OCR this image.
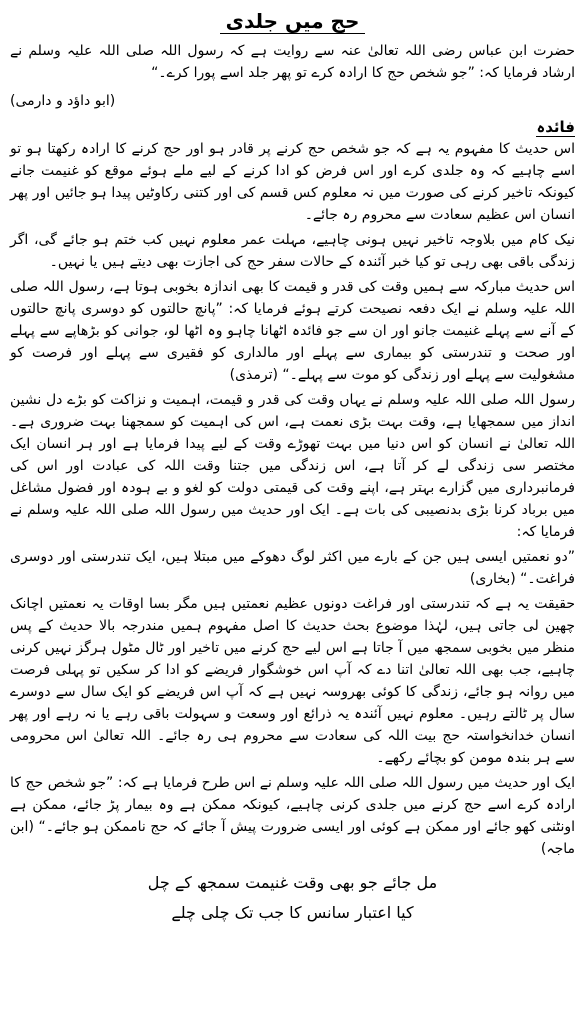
حج میں جلدی

حضرت ابن عباس رضی اللہ تعالیٰ عنہ سے روایت ہے کہ رسول اللہ صلی اللہ علیہ وسلم نے ارشاد فرمایا کہ: ”جو شخص حج کا ارادہ کرے تو پھر جلد اسے پورا کرے۔“

(ابو داؤد و دارمی)
فائدہ

اس حدیث کا مفہوم یہ ہے کہ جو شخص حج کرنے پر قادر ہو اور حج کرنے کا ارادہ رکھتا ہو تو اسے چاہیے کہ وہ جلدی کرے اور اس فرض کو ادا کرنے کے لیے ملے ہوئے موقع کو غنیمت جانے کیونکہ تاخیر کرنے کی صورت میں نہ معلوم کس قسم کی اور کتنی رکاوٹیں پیدا ہو جائیں اور پھر انسان اس عظیم سعادت سے محروم رہ جائے۔

نیک کام میں بلاوجہ تاخیر نہیں ہونی چاہیے، مہلت عمر معلوم نہیں کب ختم ہو جائے گی، اگر زندگی باقی بھی رہی تو کیا خبر آئندہ کے حالات سفر حج کی اجازت بھی دیتے ہیں یا نہیں۔

اس حدیث مبارکہ سے ہمیں وقت کی قدر و قیمت کا بھی اندازہ بخوبی ہوتا ہے، رسول اللہ صلی اللہ علیہ وسلم نے ایک دفعہ نصیحت کرتے ہوئے فرمایا کہ: ”پانچ حالتوں کو دوسری پانچ حالتوں کے آنے سے پہلے غنیمت جانو اور ان سے جو فائدہ اٹھانا چاہو وہ اٹھا لو، جوانی کو بڑھاپے سے پہلے اور صحت و تندرستی کو بیماری سے پہلے اور مالداری کو فقیری سے پہلے اور فرصت کو مشغولیت سے پہلے اور زندگی کو موت سے پہلے۔“ (ترمذی)

رسول اللہ صلی اللہ علیہ وسلم نے یہاں وقت کی قدر و قیمت، اہمیت و نزاکت کو بڑے دل نشین انداز میں سمجھایا ہے، وقت بہت بڑی نعمت ہے، اس کی اہمیت کو سمجھنا بہت ضروری ہے۔ اللہ تعالیٰ نے انسان کو اس دنیا میں بہت تھوڑے وقت کے لیے پیدا فرمایا ہے اور ہر انسان ایک مختصر سی زندگی لے کر آتا ہے، اس زندگی میں جتنا وقت اللہ کی عبادت اور اس کی فرمانبرداری میں گزارے بہتر ہے، اپنے وقت کی قیمتی دولت کو لغو و بے ہودہ اور فضول مشاغل میں برباد کرنا بڑی بدنصیبی کی بات ہے۔ ایک اور حدیث میں رسول اللہ صلی اللہ علیہ وسلم نے فرمایا کہ:

”دو نعمتیں ایسی ہیں جن کے بارے میں اکثر لوگ دھوکے میں مبتلا ہیں، ایک تندرستی اور دوسری فراغت۔“ (بخاری)

حقیقت یہ ہے کہ تندرستی اور فراغت دونوں عظیم نعمتیں ہیں مگر بسا اوقات یہ نعمتیں اچانک چھین لی جاتی ہیں، لہٰذا موضوع بحث حدیث کا اصل مفہوم ہمیں مندرجہ بالا حدیث کے پس منظر میں بخوبی سمجھ میں آ جاتا ہے اس لیے حج کرنے میں تاخیر اور ٹال مٹول ہرگز نہیں کرنی چاہیے، جب بھی اللہ تعالیٰ اتنا دے کہ آپ اس خوشگوار فریضے کو ادا کر سکیں تو پہلی فرصت میں روانہ ہو جائے، زندگی کا کوئی بھروسہ نہیں ہے کہ آپ اس فریضے کو ایک سال سے دوسرے سال پر ٹالتے رہیں۔ معلوم نہیں آئندہ یہ ذرائع اور وسعت و سہولت باقی رہے یا نہ رہے اور پھر انسان خدانخواستہ حج بیت اللہ کی سعادت سے محروم ہی رہ جائے۔ اللہ تعالیٰ اس محرومی سے ہر بندہ مومن کو بچائے رکھے۔

ایک اور حدیث میں رسول اللہ صلی اللہ علیہ وسلم نے اس طرح فرمایا ہے کہ: ”جو شخص حج کا ارادہ کرے اسے حج کرنے میں جلدی کرنی چاہیے، کیونکہ ممکن ہے وہ بیمار پڑ جائے، ممکن ہے اونٹنی کھو جائے اور ممکن ہے کوئی اور ایسی ضرورت پیش آ جائے کہ حج ناممکن ہو جائے۔“ (ابن ماجہ)

مل جائے جو بھی وقت غنیمت سمجھ کے چل
کیا اعتبار سانس کا جب تک چلی چلے
